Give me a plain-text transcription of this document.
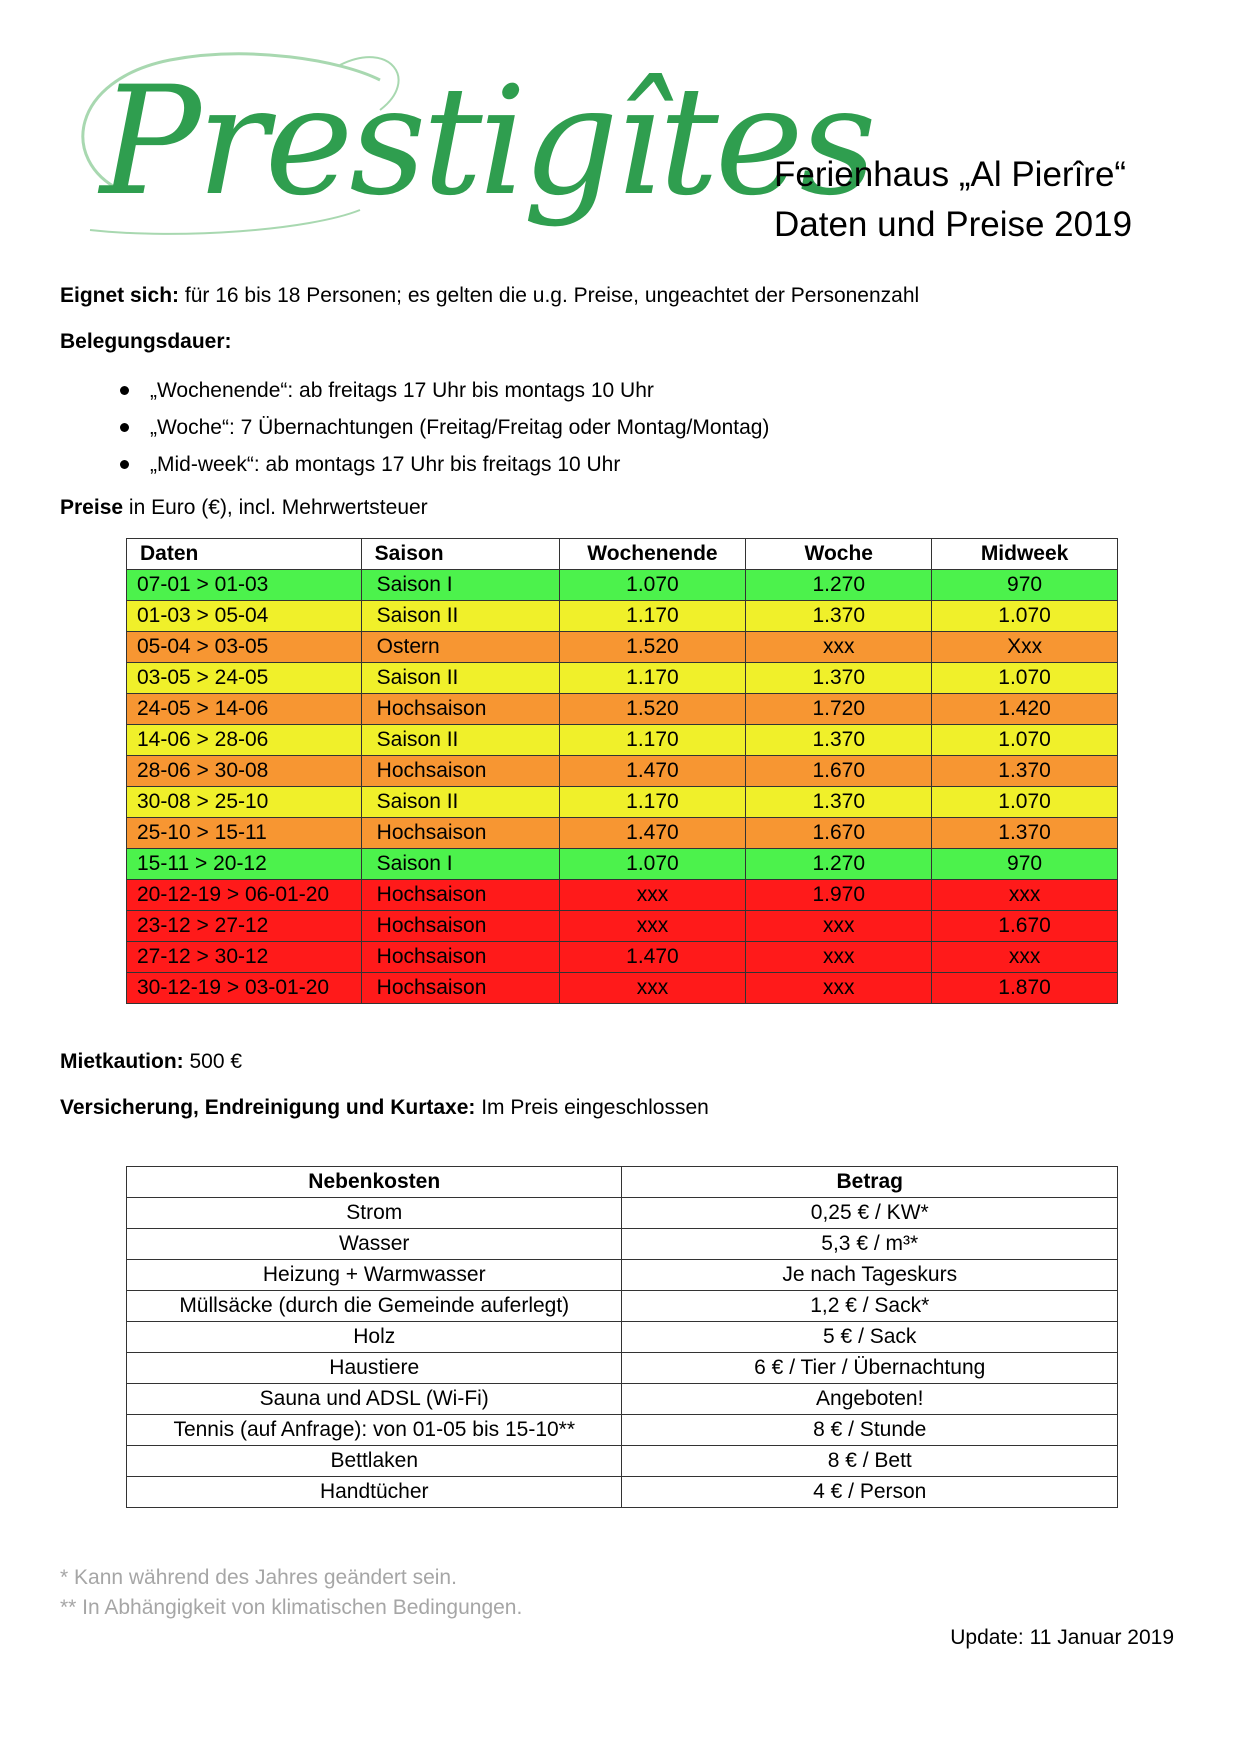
Prestigîtes
Ferienhaus „Al Pierîre“
Daten und Preise 2019
Eignet sich: für 16 bis 18 Personen; es gelten die u.g. Preise, ungeachtet der Personenzahl
Belegungsdauer:
„Wochenende“: ab freitags 17 Uhr bis montags 10 Uhr
„Woche“: 7 Übernachtungen (Freitag/Freitag oder Montag/Montag)
„Mid-week“: ab montags 17 Uhr bis freitags 10 Uhr
Preise in Euro (€), incl. Mehrwertsteuer
Daten	Saison	Wochenende	Woche	Midweek
07-01 > 01-03	Saison I	1.070	1.270	970
01-03 > 05-04	Saison II	1.170	1.370	1.070
05-04 > 03-05	Ostern	1.520	xxx	Xxx
03-05 > 24-05	Saison II	1.170	1.370	1.070
24-05 > 14-06	Hochsaison	1.520	1.720	1.420
14-06 > 28-06	Saison II	1.170	1.370	1.070
28-06 > 30-08	Hochsaison	1.470	1.670	1.370
30-08 > 25-10	Saison II	1.170	1.370	1.070
25-10 > 15-11	Hochsaison	1.470	1.670	1.370
15-11 > 20-12	Saison I	1.070	1.270	970
20-12-19 > 06-01-20	Hochsaison	xxx	1.970	xxx
23-12 > 27-12	Hochsaison	xxx	xxx	1.670
27-12 > 30-12	Hochsaison	1.470	xxx	xxx
30-12-19 > 03-01-20	Hochsaison	xxx	xxx	1.870
Mietkaution: 500 €
Versicherung, Endreinigung und Kurtaxe: Im Preis eingeschlossen
Nebenkosten	Betrag
Strom	0,25 € / KW*
Wasser	5,3 € / m³*
Heizung + Warmwasser	Je nach Tageskurs
Müllsäcke (durch die Gemeinde auferlegt)	1,2 € / Sack*
Holz	5 € / Sack
Haustiere	6 € / Tier / Übernachtung
Sauna und ADSL (Wi-Fi)	Angeboten!
Tennis (auf Anfrage): von 01-05 bis 15-10**	8 € / Stunde
Bettlaken	8 € / Bett
Handtücher	4 € / Person
* Kann während des Jahres geändert sein.
** In Abhängigkeit von klimatischen Bedingungen.
Update: 11 Januar 2019
